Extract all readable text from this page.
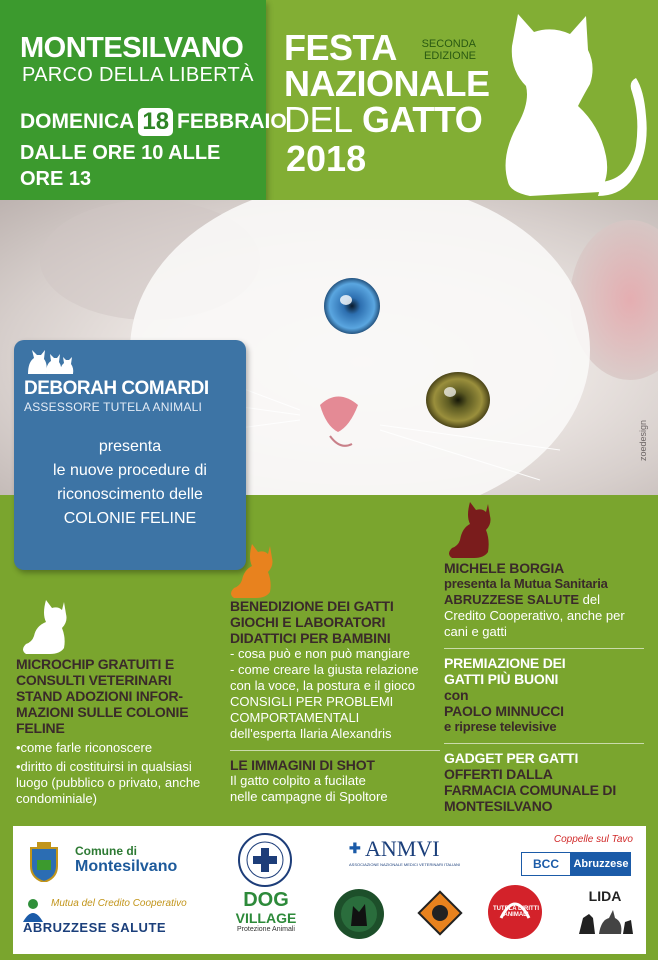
MONTESILVANO
PARCO DELLA LIBERTÀ
DOMENICA 18 FEBBRAIO
DALLE ORE 10 ALLE ORE 13
FESTA
NAZIONALE
DEL GATTO
SECONDA
EDIZIONE
2018
zoedesign
DEBORAH COMARDI
ASSESSORE TUTELA ANIMALI
presenta
le nuove procedure di
riconoscimento delle
COLONIE FELINE
MICROCHIP GRATUITI E
CONSULTI VETERINARI
STAND ADOZIONI INFOR-
MAZIONI SULLE COLONIE
FELINE
•come farle riconoscere
•diritto di costituirsi in qualsiasi
luogo (pubblico o privato, anche
condominiale)
BENEDIZIONE DEI GATTI
GIOCHI E LABORATORI
DIDATTICI PER BAMBINI
- cosa può e non può mangiare
- come creare la giusta relazione
con la voce, la postura e il gioco
CONSIGLI PER PROBLEMI
COMPORTAMENTALI
dell'esperta Ilaria Alexandris
LE IMMAGINI DI SHOT
Il gatto colpito a fucilate
nelle campagne di Spoltore
MICHELE BORGIA
presenta la Mutua Sanitaria
ABRUZZESE SALUTE del
Credito Cooperativo, anche per
cani e gatti
PREMIAZIONE DEI
GATTI PIÙ BUONI
con
PAOLO MINNUCCI
e riprese televisive
GADGET PER GATTI
OFFERTI DALLA
FARMACIA COMUNALE DI
MONTESILVANO
Comune di
Montesilvano
✚ ANMVI
ASSOCIAZIONE NAZIONALE MEDICI VETERINARI ITALIANI
Coppelle sul Tavo
BCC	Abruzzese
Mutua del Credito Cooperativo
ABRUZZESE SALUTE
DOG
VILLAGE
Protezione Animali
TUTELA DIRITTI ANIMALI
LIDA
